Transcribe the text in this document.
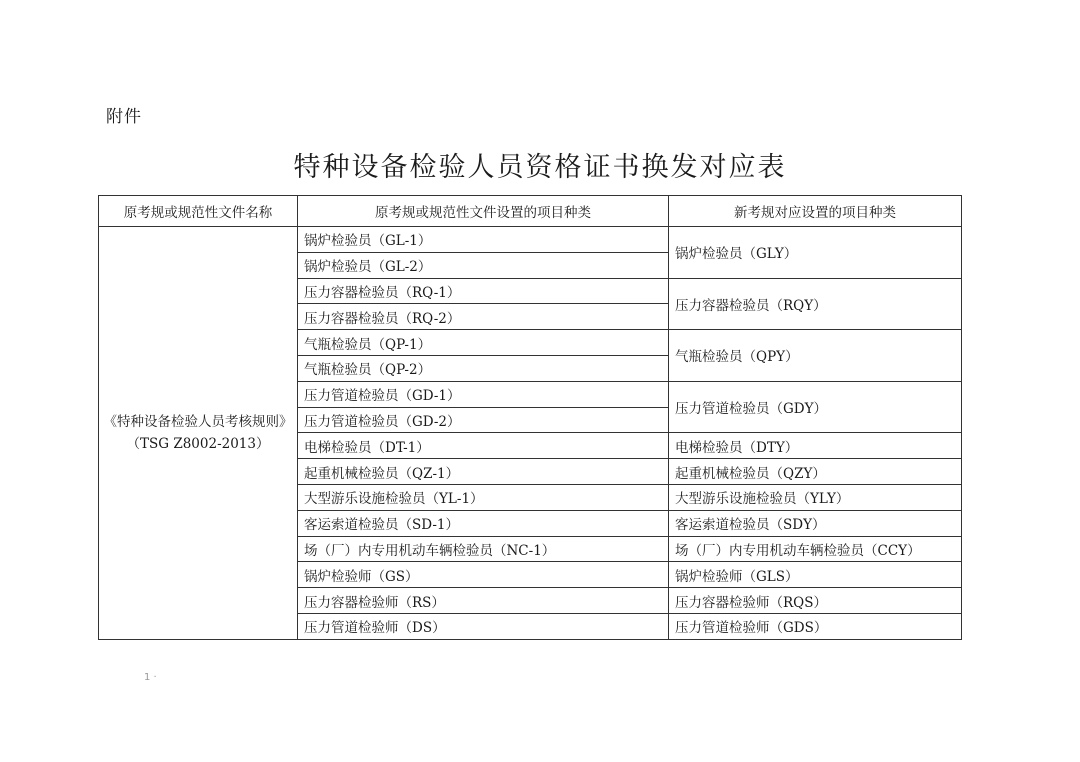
附件
特种设备检验人员资格证书换发对应表
原考规或规范性文件名称	原考规或规范性文件设置的项目种类	新考规对应设置的项目种类
《特种设备检验人员考核规则》（TSG Z8002-2013）	锅炉检验员（GL-1）	锅炉检验员（GLY）
	锅炉检验员（GL-2）	
	压力容器检验员（RQ-1）	压力容器检验员（RQY）
	压力容器检验员（RQ-2）	
	气瓶检验员（QP-1）	气瓶检验员（QPY）
	气瓶检验员（QP-2）	
	压力管道检验员（GD-1）	压力管道检验员（GDY）
	压力管道检验员（GD-2）	
	电梯检验员（DT-1）	电梯检验员（DTY）
	起重机械检验员（QZ-1）	起重机械检验员（QZY）
	大型游乐设施检验员（YL-1）	大型游乐设施检验员（YLY）
	客运索道检验员（SD-1）	客运索道检验员（SDY）
	场（厂）内专用机动车辆检验员（NC-1）	场（厂）内专用机动车辆检验员（CCY）
	锅炉检验师（GS）	锅炉检验师（GLS）
	压力容器检验师（RS）	压力容器检验师（RQS）
	压力管道检验师（DS）	压力管道检验师（GDS）
1 ·
